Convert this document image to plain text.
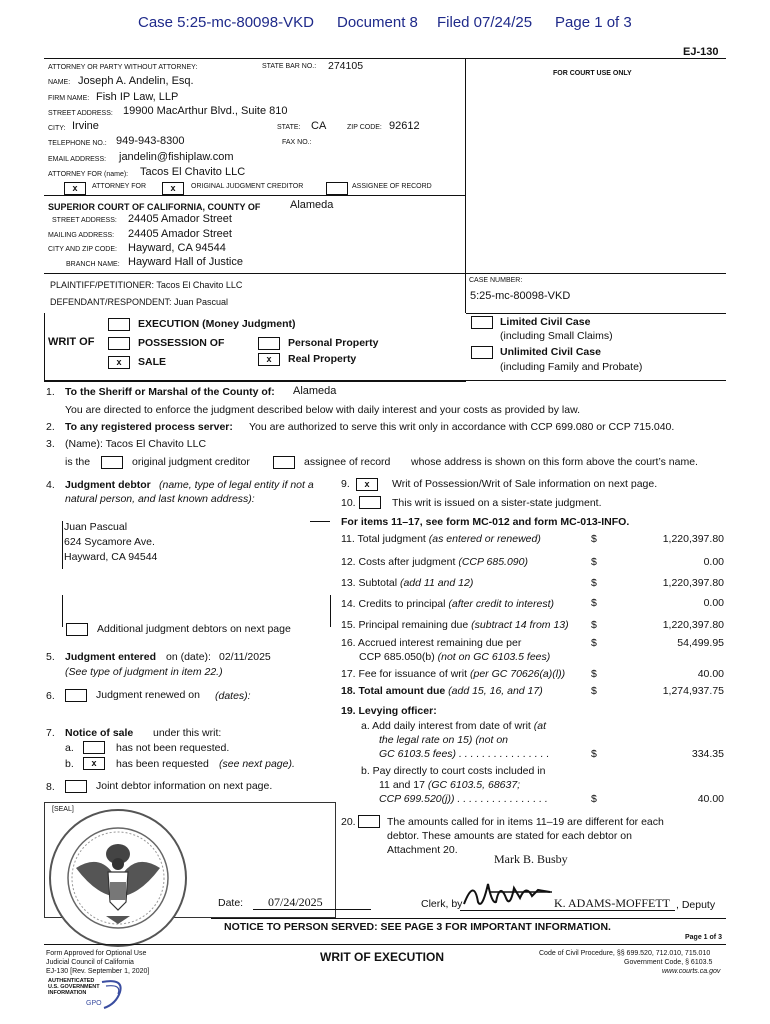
Case 5:25-mc-80098-VKD Document 8 Filed 07/24/25 Page 1 of 3
EJ-130
ATTORNEY OR PARTY WITHOUT ATTORNEY:	STATE BAR NO.: 274105
FOR COURT USE ONLY
NAME: Joseph A. Andelin, Esq.
FIRM NAME: Fish IP Law, LLP
STREET ADDRESS: 19900 MacArthur Blvd., Suite 810
CITY: Irvine	STATE: CA	ZIP CODE: 92612
TELEPHONE NO.: 949-943-8300	FAX NO.:
EMAIL ADDRESS: jandelin@fishiplaw.com
ATTORNEY FOR (name): Tacos El Chavito LLC
x	ATTORNEY FOR	x	ORIGINAL JUDGMENT CREDITOR	ASSIGNEE OF RECORD
SUPERIOR COURT OF CALIFORNIA, COUNTY OF	Alameda
STREET ADDRESS: 24405 Amador Street
MAILING ADDRESS: 24405 Amador Street
CITY AND ZIP CODE: Hayward, CA 94544
BRANCH NAME: Hayward Hall of Justice
PLAINTIFF/PETITIONER: Tacos El Chavito LLC	CASE NUMBER:
5:25-mc-80098-VKD
DEFENDANT/RESPONDENT: Juan Pascual
WRIT OF
EXECUTION (Money Judgment)
POSSESSION OF
x	SALE
Personal Property
x	Real Property
Limited Civil Case
(including Small Claims)
Unlimited Civil Case
(including Family and Probate)
1. To the Sheriff or Marshal of the County of: Alameda
You are directed to enforce the judgment described below with daily interest and your costs as provided by law.
2. To any registered process server: You are authorized to serve this writ only in accordance with CCP 699.080 or CCP 715.040.
3. (Name): Tacos El Chavito LLC
is the	original judgment creditor	assignee of record whose address is shown on this form above the court’s name.
4. Judgment debtor (name, type of legal entity if not a
natural person, and last known address):
Juan Pascual
624 Sycamore Ave.
Hayward, CA 94544
Additional judgment debtors on next page
5. Judgment entered on (date): 02/11/2025
(See type of judgment in item 22.)
6.	Judgment renewed on (dates):
7. Notice of sale under this writ:
a.	has not been requested.
b.	x	has been requested (see next page).
8.	Joint debtor information on next page.
[SEAL]
9.	x	Writ of Possession/Writ of Sale information on next page.
10.	This writ is issued on a sister-state judgment.
For items 11–17, see form MC-012 and form MC-013-INFO.
11. Total judgment (as entered or renewed)	$	1,220,397.80
12. Costs after judgment (CCP 685.090)	$	0.00
13. Subtotal (add 11 and 12)	$	1,220,397.80
14. Credits to principal (after credit to interest)	$	0.00
15. Principal remaining due (subtract 14 from 13) $	1,220,397.80
16. Accrued interest remaining due per
CCP 685.050(b) (not on GC 6103.5 fees)
$	54,499.95
17. Fee for issuance of writ (per GC 70626(a)(l)) $	40.00
18. Total amount due (add 15, 16, and 17)	$	1,274,937.75
19. Levying officer:
a. Add daily interest from date of writ (at
the legal rate on 15) (not on
GC 6103.5 fees) . . . . . . . . . . . . . . . .	$	334.35
b. Pay directly to court costs included in
11 and 17 (GC 6103.5, 68637;
CCP 699.520(j)) . . . . . . . . . . . . . . . .	$	40.00
20.	The amounts called for in items 11–19 are different for each
debtor. These amounts are stated for each debtor on
Attachment 20.
Mark B. Busby
Date: 07/24/2025	Clerk, by	K. ADAMS-MOFFETT , Deputy
NOTICE TO PERSON SERVED: SEE PAGE 3 FOR IMPORTANT INFORMATION.
Page 1 of 3
Form Approved for Optional Use
Judicial Council of California
EJ-130 [Rev. September 1, 2020]
AUTHENTICATED
U.S. GOVERNMENT
INFORMATION
GPO
WRIT OF EXECUTION	Code of Civil Procedure, §§ 699.520, 712.010, 715.010
Government Code, § 6103.5
www.courts.ca.gov
